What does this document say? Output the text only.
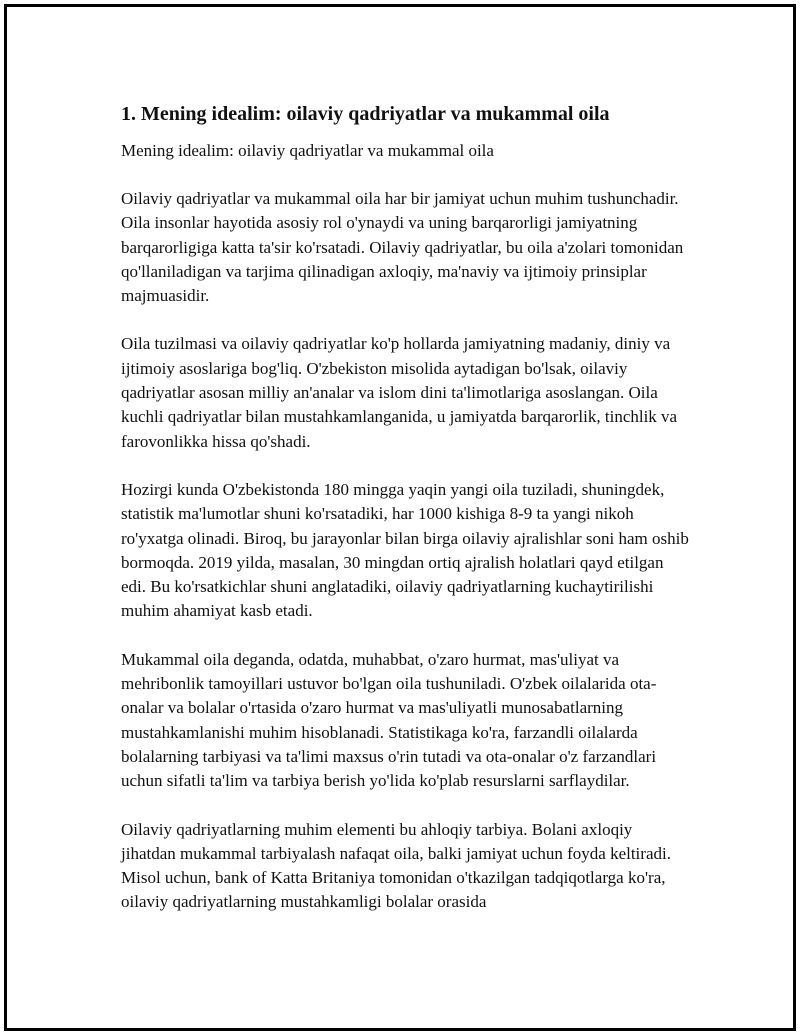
1. Mening idealim: oilaviy qadriyatlar va mukammal oila
Mening idealim: oilaviy qadriyatlar va mukammal oila

Oilaviy qadriyatlar va mukammal oila har bir jamiyat uchun muhim tushunchadir. Oila insonlar hayotida asosiy rol o'ynaydi va uning barqarorligi jamiyatning barqarorligiga katta ta'sir ko'rsatadi. Oilaviy qadriyatlar, bu oila a'zolari tomonidan qo'llaniladigan va tarjima qilinadigan axloqiy, ma'naviy va ijtimoiy prinsiplar majmuasidir.

Oila tuzilmasi va oilaviy qadriyatlar ko'p hollarda jamiyatning madaniy, diniy va ijtimoiy asoslariga bog'liq. O'zbekiston misolida aytadigan bo'lsak, oilaviy qadriyatlar asosan milliy an'analar va islom dini ta'limotlariga asoslangan. Oila kuchli qadriyatlar bilan mustahkamlanganida, u jamiyatda barqarorlik, tinchlik va farovonlikka hissa qo'shadi.

Hozirgi kunda O'zbekistonda 180 mingga yaqin yangi oila tuziladi, shuningdek, statistik ma'lumotlar shuni ko'rsatadiki, har 1000 kishiga 8-9 ta yangi nikoh ro'yxatga olinadi. Biroq, bu jarayonlar bilan birga oilaviy ajralishlar soni ham oshib bormoqda. 2019 yilda, masalan, 30 mingdan ortiq ajralish holatlari qayd etilgan edi. Bu ko'rsatkichlar shuni anglatadiki, oilaviy qadriyatlarning kuchaytirilishi muhim ahamiyat kasb etadi.

Mukammal oila deganda, odatda, muhabbat, o'zaro hurmat, mas'uliyat va mehribonlik tamoyillari ustuvor bo'lgan oila tushuniladi. O'zbek oilalarida ota-onalar va bolalar o'rtasida o'zaro hurmat va mas'uliyatli munosabatlarning mustahkamlanishi muhim hisoblanadi. Statistikaga ko'ra, farzandli oilalarda bolalarning tarbiyasi va ta'limi maxsus o'rin tutadi va ota-onalar o'z farzandlari uchun sifatli ta'lim va tarbiya berish yo'lida ko'plab resurslarni sarflaydilar.

Oilaviy qadriyatlarning muhim elementi bu ahloqiy tarbiya. Bolani axloqiy jihatdan mukammal tarbiyalash nafaqat oila, balki jamiyat uchun foyda keltiradi. Misol uchun, bank of Katta Britaniya tomonidan o'tkazilgan tadqiqotlarga ko'ra, oilaviy qadriyatlarning mustahkamligi bolalar orasida
